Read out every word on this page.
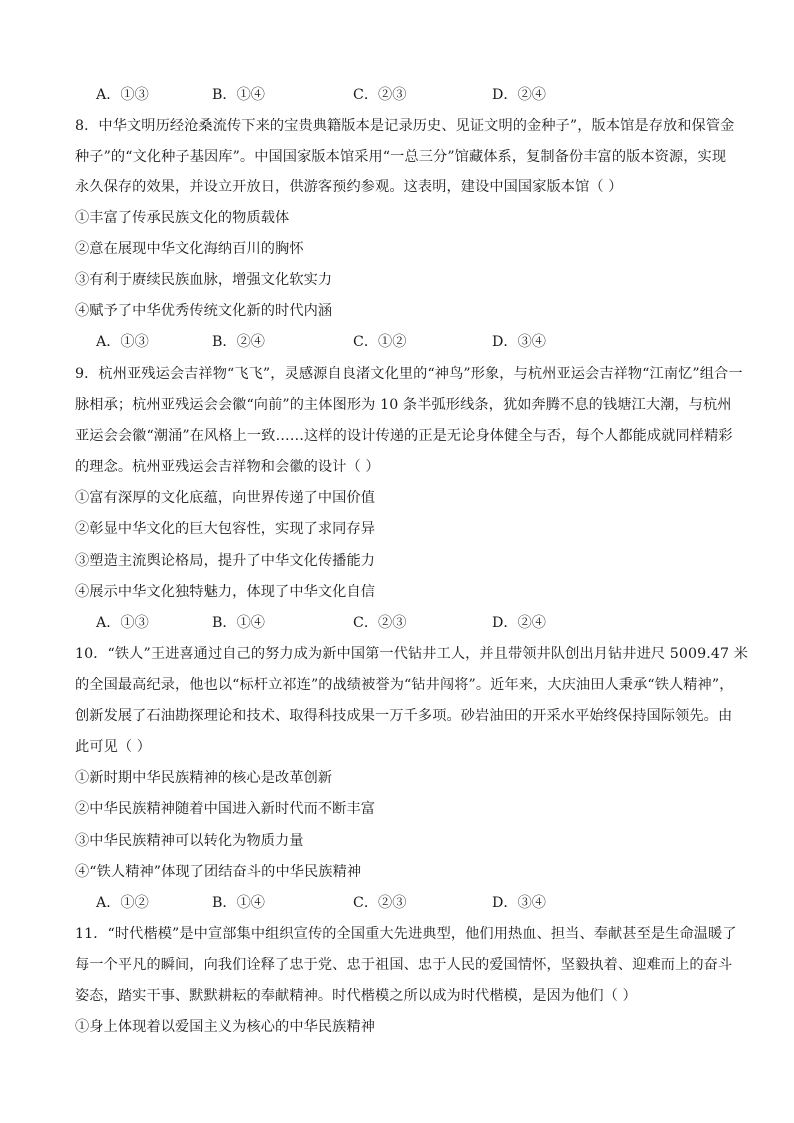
A．①③	B．①④	C．②③	D．②④
8．中华文明历经沧桑流传下来的宝贵典籍版本是记录历史、见证文明的金种子”，版本馆是存放和保管金
种子”的“文化种子基因库”。中国国家版本馆采用“一总三分”馆藏体系，复制备份丰富的版本资源，实现
永久保存的效果，并设立开放日，供游客预约参观。这表明，建设中国国家版本馆（ ）
①丰富了传承民族文化的物质载体
②意在展现中华文化海纳百川的胸怀
③有利于赓续民族血脉，增强文化软实力
④赋予了中华优秀传统文化新的时代内涵
A．①③	B．②④	C．①②	D．③④
9．杭州亚残运会吉祥物“飞飞”，灵感源自良渚文化里的“神鸟”形象，与杭州亚运会吉祥物“江南忆”组合一
脉相承；杭州亚残运会会徽“向前”的主体图形为 10 条半弧形线条，犹如奔腾不息的钱塘江大潮，与杭州
亚运会会徽“潮涌”在风格上一致……这样的设计传递的正是无论身体健全与否，每个人都能成就同样精彩
的理念。杭州亚残运会吉祥物和会徽的设计（ ）
①富有深厚的文化底蕴，向世界传递了中国价值
②彰显中华文化的巨大包容性，实现了求同存异
③塑造主流舆论格局，提升了中华文化传播能力
④展示中华文化独特魅力，体现了中华文化自信
A．①③	B．①④	C．②③	D．②④
10．“铁人”王进喜通过自己的努力成为新中国第一代钻井工人，并且带领井队创出月钻井进尺 5009.47 米
的全国最高纪录，他也以“标杆立祁连”的战绩被誉为“钻井闯将”。近年来，大庆油田人秉承“铁人精神”，
创新发展了石油勘探理论和技术、取得科技成果一万千多项。砂岩油田的开采水平始终保持国际领先。由
此可见（ ）
①新时期中华民族精神的核心是改革创新
②中华民族精神随着中国进入新时代而不断丰富
③中华民族精神可以转化为物质力量
④“铁人精神”体现了团结奋斗的中华民族精神
A．①②	B．①④	C．②③	D．③④
11．“时代楷模”是中宣部集中组织宣传的全国重大先进典型，他们用热血、担当、奉献甚至是生命温暖了
每一个平凡的瞬间，向我们诠释了忠于党、忠于祖国、忠于人民的爱国情怀，坚毅执着、迎难而上的奋斗
姿态，踏实干事、默默耕耘的奉献精神。时代楷模之所以成为时代楷模，是因为他们（ ）
①身上体现着以爱国主义为核心的中华民族精神
